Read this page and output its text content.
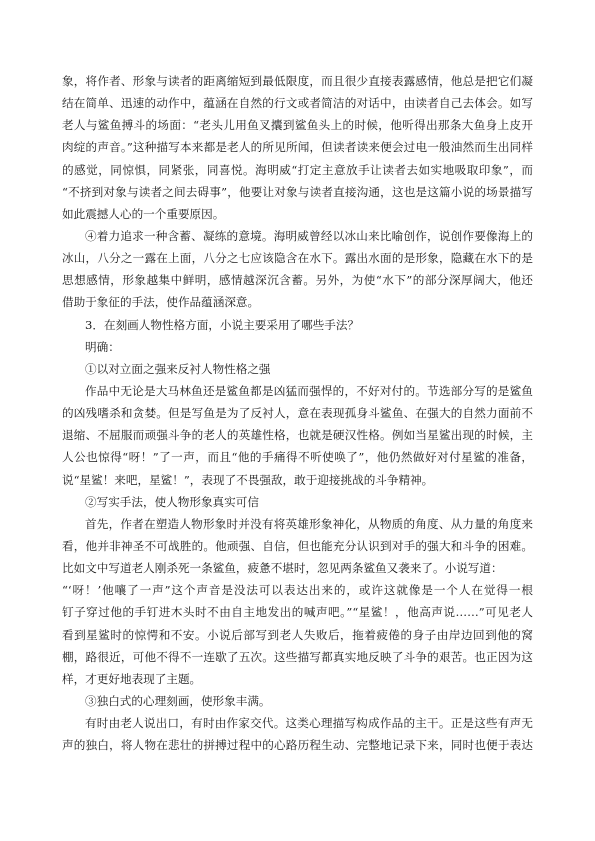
象，将作者、形象与读者的距离缩短到最低限度，而且很少直接表露感情，他总是把它们凝
结在简单、迅速的动作中，蕴涵在自然的行文或者简洁的对话中，由读者自己去体会。如写
老人与鲨鱼搏斗的场面：“老头儿用鱼叉攮到鲨鱼头上的时候，他听得出那条大鱼身上皮开
肉绽的声音。”这种描写本来都是老人的所见所闻，但读者读来便会过电一般油然而生出同样
的感觉，同惊惧，同紧张，同喜悦。海明威“打定主意放手让读者去如实地吸取印象”，而
“不挤到对象与读者之间去碍事”，他要让对象与读者直接沟通，这也是这篇小说的场景描写
如此震撼人心的一个重要原因。
④着力追求一种含蓄、凝练的意境。海明威曾经以冰山来比喻创作，说创作要像海上的
冰山，八分之一露在上面，八分之七应该隐含在水下。露出水面的是形象，隐藏在水下的是
思想感情，形象越集中鲜明，感情越深沉含蓄。另外，为使“水下”的部分深厚阔大，他还
借助于象征的手法，使作品蕴涵深意。
3．在刻画人物性格方面，小说主要采用了哪些手法？
明确：
①以对立面之强来反衬人物性格之强
作品中无论是大马林鱼还是鲨鱼都是凶猛而强悍的，不好对付的。节选部分写的是鲨鱼
的凶残嗜杀和贪婪。但是写鱼是为了反衬人，意在表现孤身斗鲨鱼、在强大的自然力面前不
退缩、不屈服而顽强斗争的老人的英雄性格，也就是硬汉性格。例如当星鲨出现的时候，主
人公也惊得“呀！”了一声，而且“他的手痛得不听使唤了”，他仍然做好对付星鲨的准备，
说“星鲨！来吧，星鲨！”，表现了不畏强敌，敢于迎接挑战的斗争精神。
②写实手法，使人物形象真实可信
首先，作者在塑造人物形象时并没有将英雄形象神化，从物质的角度、从力量的角度来
看，他并非神圣不可战胜的。他顽强、自信，但也能充分认识到对手的强大和斗争的困难。
比如文中写道老人刚杀死一条鲨鱼，疲惫不堪时，忽见两条鲨鱼又袭来了。小说写道：
“‘呀！’他嚷了一声”这个声音是没法可以表达出来的，或许这就像是一个人在觉得一根
钉子穿过他的手钉进木头时不由自主地发出的喊声吧。”“星鲨！，他高声说……”可见老人
看到星鲨时的惊愕和不安。小说后部写到老人失败后，拖着疲倦的身子由岸边回到他的窝
棚，路很近，可他不得不一连歇了五次。这些描写都真实地反映了斗争的艰苦。也正因为这
样，才更好地表现了主题。
③独白式的心理刻画，使形象丰满。
有时由老人说出口，有时由作家交代。这类心理描写构成作品的主干。正是这些有声无
声的独白，将人物在悲壮的拼搏过程中的心路历程生动、完整地记录下来，同时也便于表达
